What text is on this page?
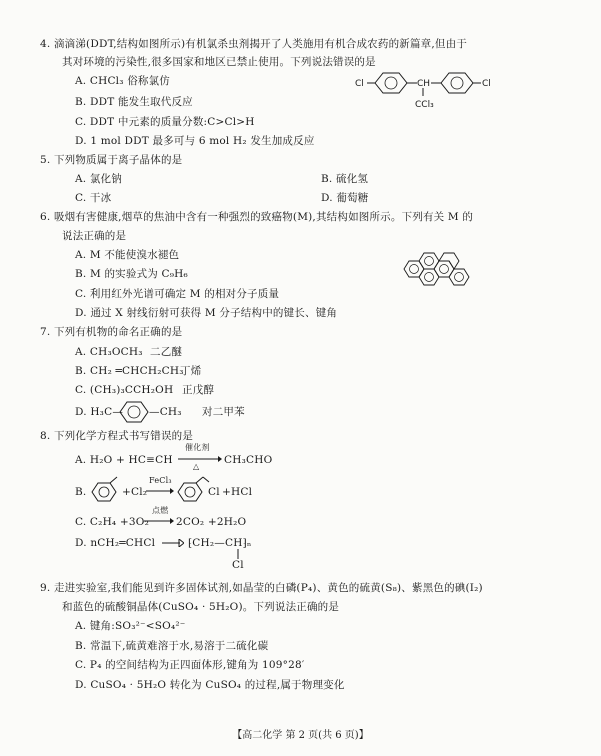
4. 滴滴涕(DDT,结构如图所示)有机氯杀虫剂揭开了人类施用有机合成农药的新篇章,但由于
其对环境的污染性,很多国家和地区已禁止使用。下列说法错误的是
A. CHCl₃ 俗称氯仿
B. DDT 能发生取代反应
C. DDT 中元素的质量分数:C>Cl>H
D. 1 mol DDT 最多可与 6 mol H₂ 发生加成反应
Cl	CH
CCl₃
Cl
5. 下列物质属于离子晶体的是
A. 氯化钠	B. 硫化氢
C. 干冰	D. 葡萄糖
6. 吸烟有害健康,烟草的焦油中含有一种强烈的致癌物(M),其结构如图所示。下列有关 M 的
说法正确的是
A. M 不能使溴水褪色
B. M 的实验式为 C₉H₆
C. 利用红外光谱可确定 M 的相对分子质量
D. 通过 X 射线衍射可获得 M 分子结构中的键长、键角
7. 下列有机物的命名正确的是
A. CH₃OCH₃ 二乙醚
B. CH₂ ═CHCH₂CH₃
丁烯
C. (CH₃)₃CCH₂OH 正戊醇
D. H₃C— —CH₃ 对二甲苯
8. 下列化学方程式书写错误的是
A. H₂O + HC≡CH
催化剂
△
CH₃CHO
B.	+Cl₂
FeCl₃
Cl +HCl
C. C₂H₄ +3O₂
点燃
2CO₂ +2H₂O
D. nCH₂═CHCl	⁅CH₂—CH⁆ₙ
Cl
9. 走进实验室,我们能见到许多固体试剂,如晶莹的白磷(P₄)、黄色的硫黄(S₈)、紫黑色的碘(I₂)
和蓝色的硫酸铜晶体(CuSO₄ · 5H₂O)。下列说法正确的是
A. 键角:SO₃²⁻<SO₄²⁻
B. 常温下,硫黄难溶于水,易溶于二硫化碳
C. P₄ 的空间结构为正四面体形,键角为 109°28′
D. CuSO₄ · 5H₂O 转化为 CuSO₄ 的过程,属于物理变化
【高二化学 第 2 页(共 6 页)】
